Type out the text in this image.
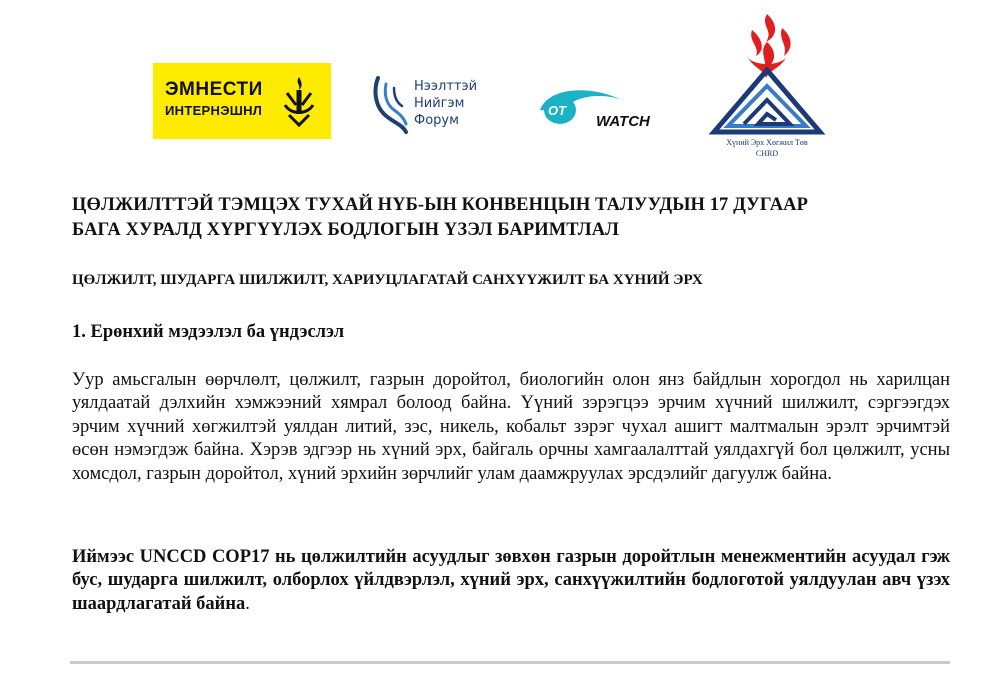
ЭМНЕСТИ
ИНТЕРНЭШНЛ
Нээлттэй
Нийгэм
Форум
OT
WATCH
Хүний Эрх Хөгжил Төв
CHRD
ЦӨЛЖИЛТТЭЙ ТЭМЦЭХ ТУХАЙ НҮБ-ЫН КОНВЕНЦЫН ТАЛУУДЫН 17 ДУГААР
БАГА ХУРАЛД ХҮРГҮҮЛЭХ БОДЛОГЫН ҮЗЭЛ БАРИМТЛАЛ
ЦӨЛЖИЛТ, ШУДАРГА ШИЛЖИЛТ, ХАРИУЦЛАГАТАЙ САНХҮҮЖИЛТ БА ХҮНИЙ ЭРХ
1. Ерөнхий мэдээлэл ба үндэслэл
Уур амьсгалын өөрчлөлт, цөлжилт, газрын доройтол, биологийн олон янз байдлын хорогдол нь харилцан уялдаатай дэлхийн хэмжээний хямрал болоод байна. Үүний зэрэгцээ эрчим хүчний шилжилт, сэргээгдэх эрчим хүчний хөгжилтэй уялдан литий, зэс, никель, кобальт зэрэг чухал ашигт малтмалын эрэлт эрчимтэй өсөн нэмэгдэж байна. Хэрэв эдгээр нь хүний эрх, байгаль орчны хамгаалалттай уялдахгүй бол цөлжилт, усны хомсдол, газрын доройтол, хүний эрхийн зөрчлийг улам даамжруулах эрсдэлийг дагуулж байна.
Иймээс UNCCD COP17 нь цөлжилтийн асуудлыг зөвхөн газрын доройтлын менежментийн асуудал гэж бус, шударга шилжилт, олборлох үйлдвэрлэл, хүний эрх, санхүүжилтийн бодлоготой уялдуулан авч үзэх шаардлагатай байна.
